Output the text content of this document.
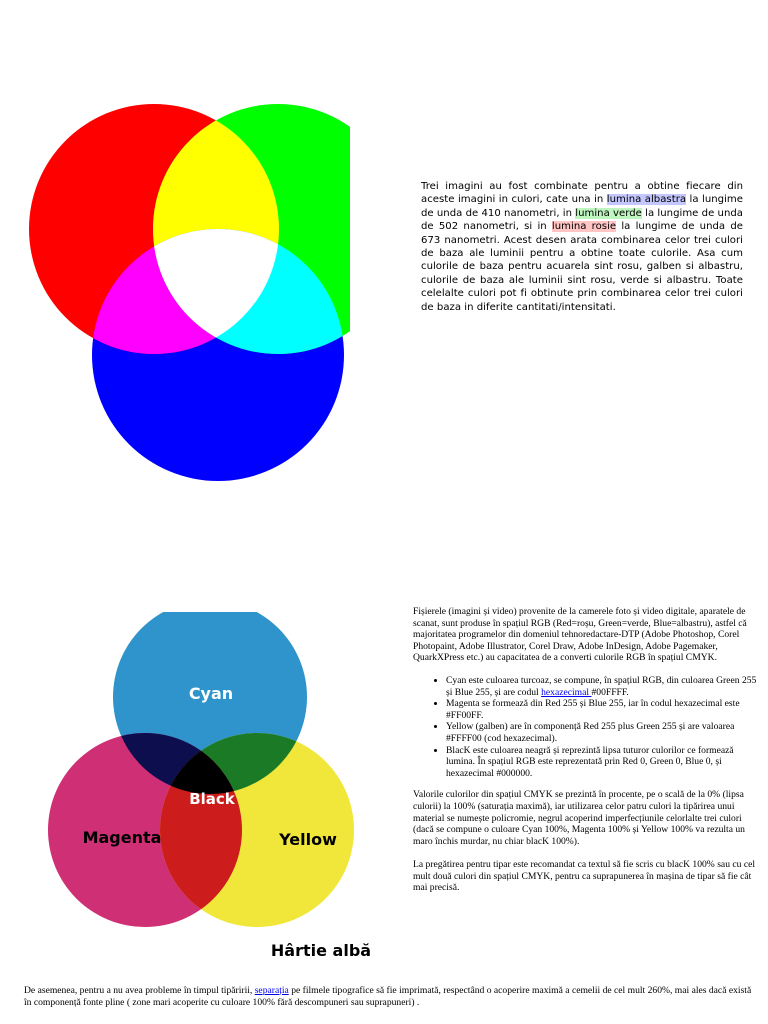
Trei imagini au fost combinate pentru a obtine fiecare din aceste imagini in culori, cate una in lumina albastra la lungime de unda de 410 nanometri, in lumina verde la lungime de unda de 502 nanometri, si in lumina rosie la lungime de unda de 673 nanometri. Acest desen arata combinarea celor trei culori de baza ale luminii pentru a obtine toate culorile. Asa cum culorile de baza pentru acuarela sint rosu, galben si albastru, culorile de baza ale luminii sint rosu, verde si albastru. Toate celelalte culori pot fi obtinute prin combinarea celor trei culori de baza in diferite cantitati/intensitati.
Cyan
Black
Magenta	Yellow
Hârtie albă

Fișierele (imagini și video) provenite de la camerele foto și video digitale, aparatele de scanat, sunt produse în spațiul RGB (Red=roșu, Green=verde, Blue=albastru), astfel că majoritatea programelor din domeniul tehnoredactare-DTP (Adobe Photoshop, Corel Photopaint, Adobe Illustrator, Corel Draw, Adobe InDesign, Adobe Pagemaker, QuarkXPress etc.) au capacitatea de a converti culorile RGB în spațiul CMYK.

• Cyan este culoarea turcoaz, se compune, în spațiul RGB, din culoarea Green 255 și Blue 255, și are codul hexazecimal #00FFFF.
• Magenta se formează din Red 255 și Blue 255, iar în codul hexazecimal este #FF00FF.
• Yellow (galben) are în componență Red 255 plus Green 255 și are valoarea #FFFF00 (cod hexazecimal).
• BlacK este culoarea neagră și reprezintă lipsa tuturor culorilor ce formează lumina. În spațiul RGB este reprezentată prin Red 0, Green 0, Blue 0, și hexazecimal #000000.

Valorile culorilor din spațiul CMYK se prezintă în procente, pe o scală de la 0% (lipsa culorii) la 100% (saturația maximă), iar utilizarea celor patru culori la tipărirea unui material se numește policromie, negrul acoperind imperfecțiunile celorlalte trei culori (dacă se compune o culoare Cyan 100%, Magenta 100% și Yellow 100% va rezulta un maro închis murdar, nu chiar blacK 100%).

La pregătirea pentru tipar este recomandat ca textul să fie scris cu blacK 100% sau cu cel mult două culori din spațiul CMYK, pentru ca suprapunerea în mașina de tipar să fie cât mai precisă.

De asemenea, pentru a nu avea probleme în timpul tipăririi, separația pe filmele tipografice să fie imprimată, respectând o acoperire maximă a cemelii de cel mult 260%, mai ales dacă există în componență fonte pline ( zone mari acoperite cu culoare 100% fără descompuneri sau suprapuneri) .
